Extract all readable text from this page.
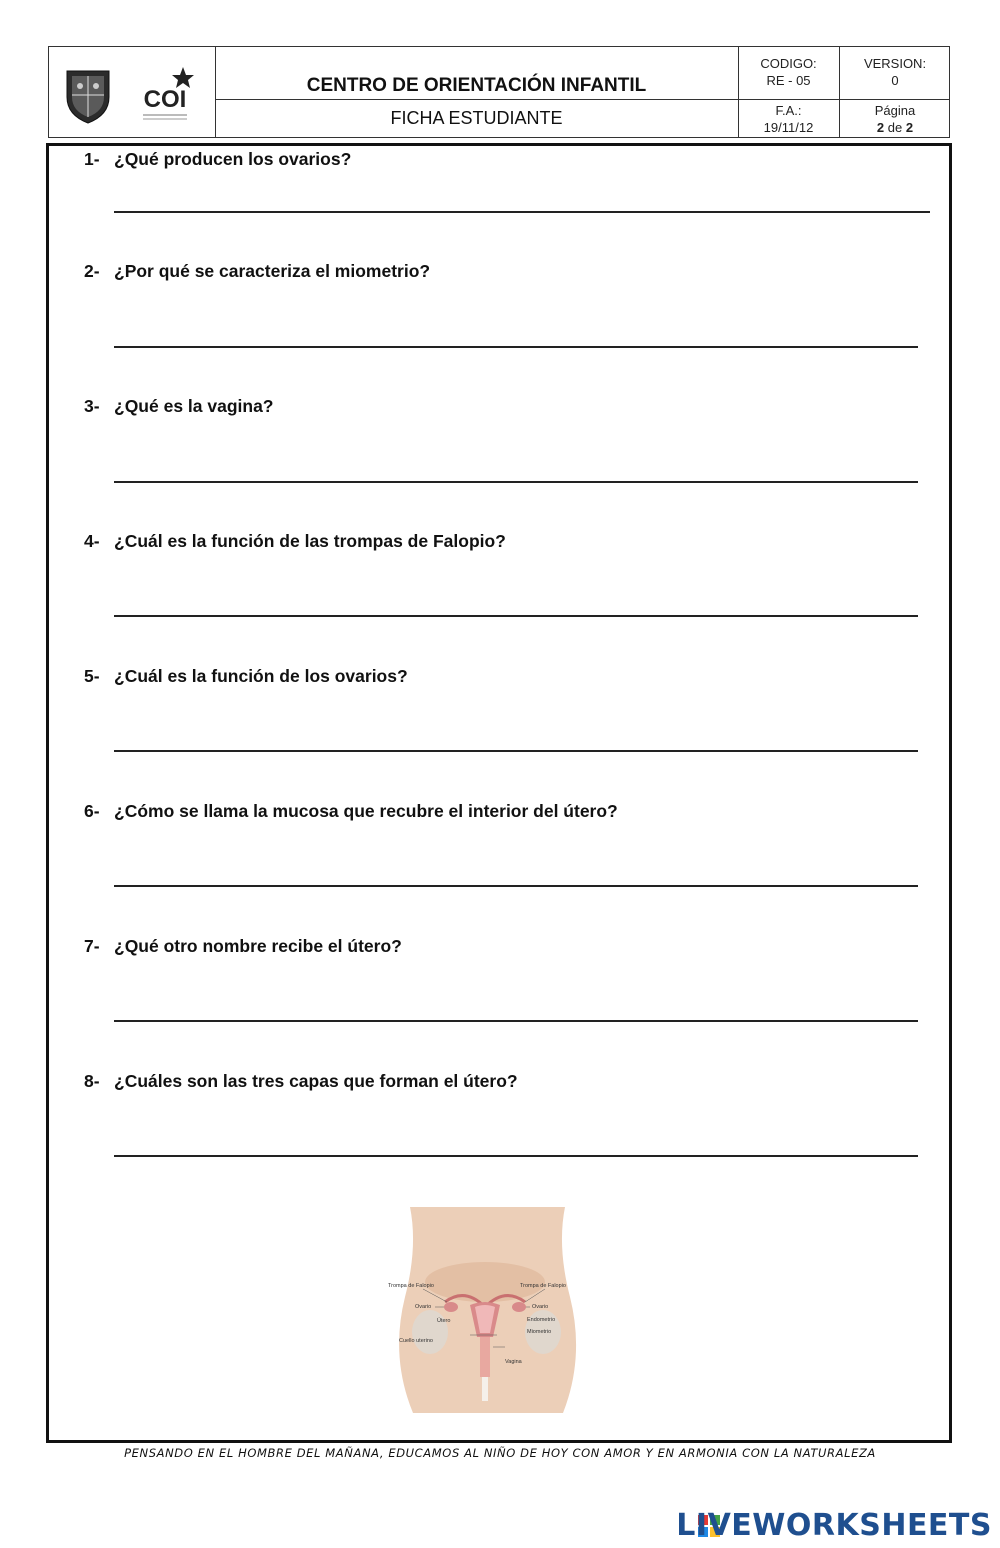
COI
CENTRO DE ORIENTACIÓN INFANTIL
FICHA ESTUDIANTE
CODIGO:
RE - 05
VERSION:
0
F.A.:
19/11/12
Página
2 de 2
1- ¿Qué producen los ovarios?
2- ¿Por qué se caracteriza el miometrio?
3- ¿Qué es la vagina?
4- ¿Cuál es la función de las trompas de Falopio?
5- ¿Cuál es la función de los ovarios?
6- ¿Cómo se llama la mucosa que recubre el interior del útero?
7- ¿Qué otro nombre recibe el útero?
8- ¿Cuáles son las tres capas que forman el útero?
Trompa de Falopio	Trompa de Falopio
Ovario	Ovario
Útero	Endometrio
Miometrio
Cuello uterino
Vagina
PENSANDO EN EL HOMBRE DEL MAÑANA, EDUCAMOS AL NIÑO DE HOY CON AMOR Y EN ARMONIA CON LA NATURALEZA
LIVEWORKSHEETS
